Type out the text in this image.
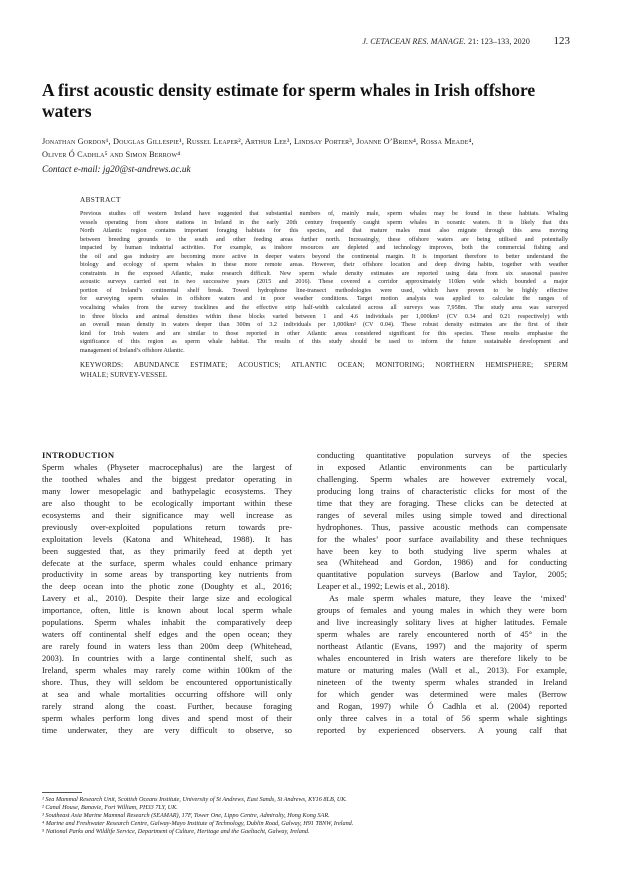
J. CETACEAN RES. MANAGE. 21: 123–133, 2020 123
A first acoustic density estimate for sperm whales in Irish offshore waters
Jonathan Gordon¹, Douglas Gillespie¹, Russel Leaper², Arthur Lee³, Lindsay Porter³, Joanne O’Brien⁴, Rossa Meade⁴,
Oliver Ó Cadhla⁵ and Simon Berrow⁴
Contact e-mail: jg20@st-andrews.ac.uk
ABSTRACT

Previous studies off western Ireland have suggested that substantial numbers of, mainly male, sperm whales may be found in these habitats. Whaling
vessels operating from shore stations in Ireland in the early 20th century frequently caught sperm whales in oceanic waters. It is likely that this
North Atlantic region contains important foraging habitats for this species, and that mature males must also migrate through this area moving
between breeding grounds to the south and other feeding areas further north. Increasingly, these offshore waters are being utilised and potentially
impacted by human industrial activities. For example, as inshore resources are depleted and technology improves, both the commercial fishing and
the oil and gas industry are becoming more active in deeper waters beyond the continental margin. It is important therefore to better understand the
biology and ecology of sperm whales in these more remote areas. However, their offshore location and deep diving habits, together with weather
constraints in the exposed Atlantic, make research difficult. New sperm whale density estimates are reported using data from six seasonal passive
acoustic surveys carried out in two successive years (2015 and 2016). These covered a corridor approximately 110km wide which bounded a major
portion of Ireland’s continental shelf break. Towed hydrophone line-transect methodologies were used, which have proven to be highly effective
for surveying sperm whales in offshore waters and in poor weather conditions. Target motion analysis was applied to calculate the ranges of
vocalising whales from the survey tracklines and the effective strip half-width calculated across all surveys was 7,958m. The study area was surveyed
in three blocks and animal densities within these blocks varied between 1 and 4.6 individuals per 1,000km² (CV 0.34 and 0.21 respectively) with
an overall mean density in waters deeper than 300m of 3.2 individuals per 1,000km² (CV 0.04). These robust density estimates are the first of their
kind for Irish waters and are similar to those reported in other Atlantic areas considered significant for this species. These results emphasise the
significance of this region as sperm whale habitat. The results of this study should be used to inform the future sustainable development and
management of Ireland’s offshore Atlantic.

KEYWORDS: ABUNDANCE ESTIMATE; ACOUSTICS; ATLANTIC OCEAN; MONITORING; NORTHERN HEMISPHERE; SPERM
WHALE; SURVEY-VESSEL
INTRODUCTION
Sperm whales (Physeter macrocephalus) are the largest of
the toothed whales and the biggest predator operating in
many lower mesopelagic and bathypelagic ecosystems. They
are also thought to be ecologically important within these
ecosystems and their significance may well increase as
previously over-exploited populations return towards pre-
exploitation levels (Katona and Whitehead, 1988). It has
been suggested that, as they primarily feed at depth yet
defecate at the surface, sperm whales could enhance primary
productivity in some areas by transporting key nutrients from
the deep ocean into the photic zone (Doughty et al., 2016;
Lavery et al., 2010). Despite their large size and ecological
importance, often, little is known about local sperm whale
populations. Sperm whales inhabit the comparatively deep
waters off continental shelf edges and the open ocean; they
are rarely found in waters less than 200m deep (Whitehead,
2003). In countries with a large continental shelf, such as
Ireland, sperm whales may rarely come within 100km of the
shore. Thus, they will seldom be encountered opportunistically
at sea and whale mortalities occurring offshore will only
rarely strand along the coast. Further, because foraging
sperm whales perform long dives and spend most of their
time underwater, they are very difficult to observe, so
conducting quantitative population surveys of the species
in exposed Atlantic environments can be particularly
challenging. Sperm whales are however extremely vocal,
producing long trains of characteristic clicks for most of the
time that they are foraging. These clicks can be detected at
ranges of several miles using simple towed and directional
hydrophones. Thus, passive acoustic methods can compensate
for the whales’ poor surface availability and these techniques
have been key to both studying live sperm whales at
sea (Whitehead and Gordon, 1986) and for conducting
quantitative population surveys (Barlow and Taylor, 2005;
Leaper et al., 1992; Lewis et al., 2018).
As male sperm whales mature, they leave the ‘mixed’
groups of females and young males in which they were born
and live increasingly solitary lives at higher latitudes. Female
sperm whales are rarely encountered north of 45° in the
northeast Atlantic (Evans, 1997) and the majority of sperm
whales encountered in Irish waters are therefore likely to be
mature or maturing males (Wall et al., 2013). For example,
nineteen of the twenty sperm whales stranded in Ireland
for which gender was determined were males (Berrow
and Rogan, 1997) while Ó Cadhla et al. (2004) reported
only three calves in a total of 56 sperm whale sightings
reported by experienced observers. A young calf that
¹ Sea Mammal Research Unit, Scottish Oceans Institute, University of St Andrews, East Sands, St Andrews, KY16 8LB, UK.
² Canal House, Banavie, Fort William, PH33 7LY, UK.
³ Southeast Asia Marine Mammal Research (SEAMAR), 17F, Tower One, Lippo Centre, Admiralty, Hong Kong SAR.
⁴ Marine and Freshwater Research Centre, Galway-Mayo Institute of Technology, Dublin Road, Galway, H91 T8NW, Ireland.
⁵ National Parks and Wildlife Service, Department of Culture, Heritage and the Gaeltacht, Galway, Ireland.
